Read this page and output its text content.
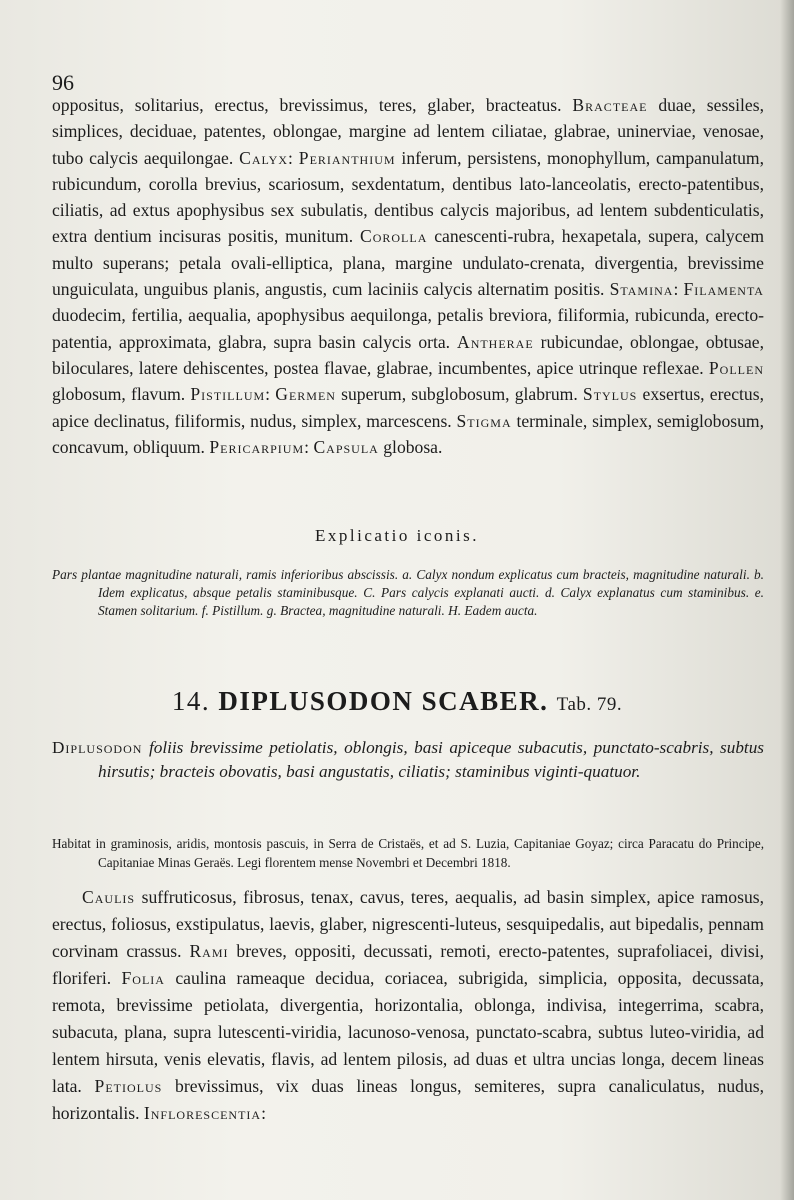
96

oppositus, solitarius, erectus, brevissimus, teres, glaber, bracteatus. Bracteae duae, sessiles, simplices, deciduae, patentes, oblongae, margine ad lentem ciliatae, glabrae, uninerviae, venosae, tubo calycis aequilongae. Calyx: Perianthium inferum, persistens, monophyllum, campanulatum, rubicundum, corolla brevius, scariosum, sexdentatum, dentibus lato-lanceolatis, erecto-patentibus, ciliatis, ad extus apophysibus sex subulatis, dentibus calycis majoribus, ad lentem subdenticulatis, extra dentium incisuras positis, munitum. Corolla canescenti-rubra, hexapetala, supera, calycem multo superans; petala ovali-elliptica, plana, margine undulato-crenata, divergentia, brevissime unguiculata, unguibus planis, angustis, cum laciniis calycis alternatim positis. Stamina: Filamenta duodecim, fertilia, aequalia, apophysibus aequilonga, petalis breviora, filiformia, rubicunda, erecto-patentia, approximata, glabra, supra basin calycis orta. Antherae rubicundae, oblongae, obtusae, biloculares, latere dehiscentes, postea flavae, glabrae, incumbentes, apice utrinque reflexae. Pollen globosum, flavum. Pistillum: Germen superum, subglobosum, glabrum. Stylus exsertus, erectus, apice declinatus, filiformis, nudus, simplex, marcescens. Stigma terminale, simplex, semiglobosum, concavum, obliquum. Pericarpium: Capsula globosa.

Explicatio iconis.

Pars plantae magnitudine naturali, ramis inferioribus abscissis. a. Calyx nondum explicatus cum bracteis, magnitudine naturali. b. Idem explicatus, absque petalis staminibusque. C. Pars calycis explanati aucti. d. Calyx explanatus cum staminibus. e. Stamen solitarium. f. Pistillum. g. Bractea, magnitudine naturali. H. Eadem aucta.

14. DIPLUSODON SCABER. Tab. 79.

Diplusodon foliis brevissime petiolatis, oblongis, basi apiceque subacutis, punctato-scabris, subtus hirsutis; bracteis obovatis, basi angustatis, ciliatis; staminibus viginti-quatuor.

Habitat in graminosis, aridis, montosis pascuis, in Serra de Cristaës, et ad S. Luzia, Capitaniae Goyaz; circa Paracatu do Principe, Capitaniae Minas Geraës. Legi florentem mense Novembri et Decembri 1818.

Caulis suffruticosus, fibrosus, tenax, cavus, teres, aequalis, ad basin simplex, apice ramosus, erectus, foliosus, exstipulatus, laevis, glaber, nigrescenti-luteus, sesquipedalis, aut bipedalis, pennam corvinam crassus. Rami breves, oppositi, decussati, remoti, erecto-patentes, suprafoliacei, divisi, floriferi. Folia caulina rameaque decidua, coriacea, subrigida, simplicia, opposita, decussata, remota, brevissime petiolata, divergentia, horizontalia, oblonga, indivisa, integerrima, scabra, subacuta, plana, supra lutescenti-viridia, lacunoso-venosa, punctato-scabra, subtus luteo-viridia, ad lentem hirsuta, venis elevatis, flavis, ad lentem pilosis, ad duas et ultra uncias longa, decem lineas lata. Petiolus brevissimus, vix duas lineas longus, semiteres, supra canaliculatus, nudus, horizontalis. Inflorescentia:
